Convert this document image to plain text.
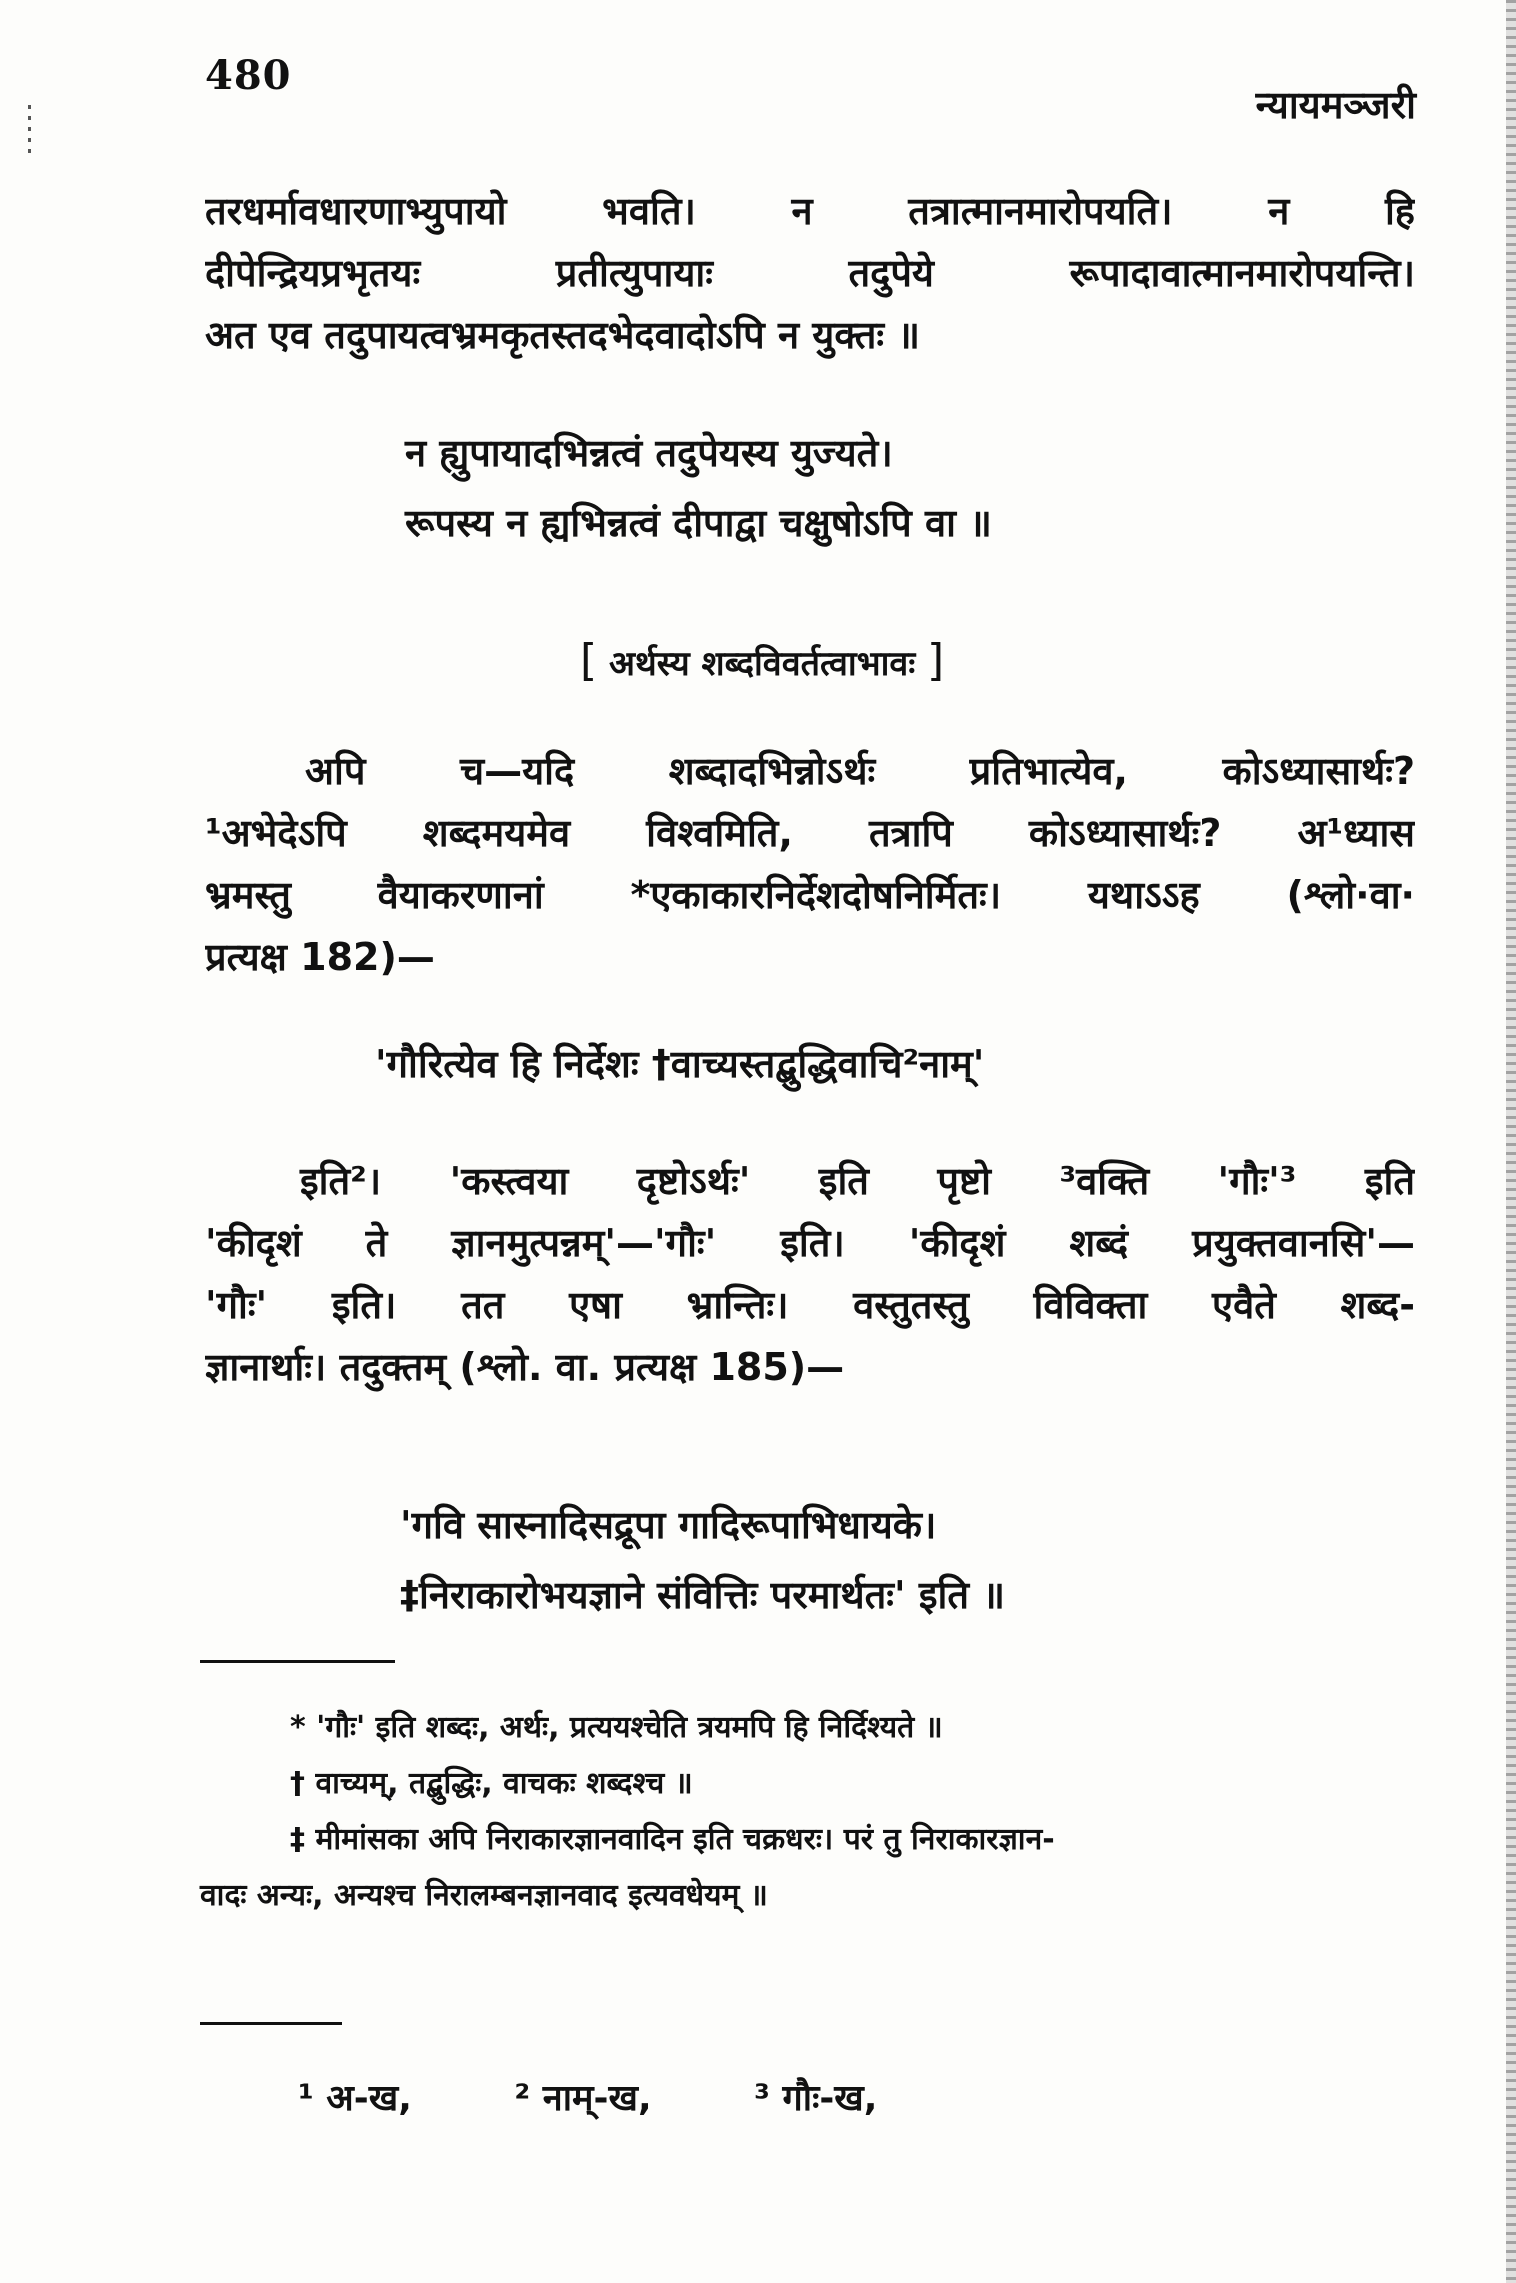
480
न्यायमञ्जरी

तरधर्मावधारणाभ्युपायो भवति। न तत्रात्मानमारोपयति। न हि
दीपेन्द्रियप्रभृतयः प्रतीत्युपायाः तदुपेये रूपादावात्मानमारोपयन्ति।
अत एव तदुपायत्वभ्रमकृतस्तदभेदवादोऽपि न युक्तः ॥

न ह्युपायादभिन्नत्वं तदुपेयस्य युज्यते।
रूपस्य न ह्यभिन्नत्वं दीपाद्वा चक्षुषोऽपि वा ॥

[ अर्थस्य शब्दविवर्तत्वाभावः ]

अपि च—यदि शब्दादभिन्नोऽर्थः प्रतिभात्येव, कोऽध्यासार्थः?
¹अभेदेऽपि शब्दमयमेव विश्वमिति, तत्रापि कोऽध्यासार्थः? अ¹ध्यास
भ्रमस्तु वैयाकरणानां *एकाकारनिर्देशदोषनिर्मितः। यथाऽऽह (श्लो·वा·
प्रत्यक्ष 182)—

'गौरित्येव हि निर्देशः †वाच्यस्तद्बुद्धिवाचि²नाम्'

इति²। 'कस्त्वया दृष्टोऽर्थः' इति पृष्टो ³वक्ति 'गौः'³ इति
'कीदृशं ते ज्ञानमुत्पन्नम्'—'गौः' इति। 'कीदृशं शब्दं प्रयुक्तवानसि'—
'गौः' इति। तत एषा भ्रान्तिः। वस्तुतस्तु विविक्ता एवैते शब्द-
ज्ञानार्थाः। तदुक्तम् (श्लो. वा. प्रत्यक्ष 185)—

'गवि सास्नादिसद्रूपा गादिरूपाभिधायके।
‡निराकारोभयज्ञाने संवित्तिः परमार्थतः' इति ॥

* 'गौः' इति शब्दः, अर्थः, प्रत्ययश्चेति त्रयमपि हि निर्दिश्यते ॥
† वाच्यम्, तद्बुद्धिः, वाचकः शब्दश्च ॥
‡ मीमांसका अपि निराकारज्ञानवादिन इति चक्रधरः। परं तु निराकारज्ञान-
वादः अन्यः, अन्यश्च निरालम्बनज्ञानवाद इत्यवधेयम् ॥

¹ अ-ख,	² नाम्-ख,	³ गौः-ख,
